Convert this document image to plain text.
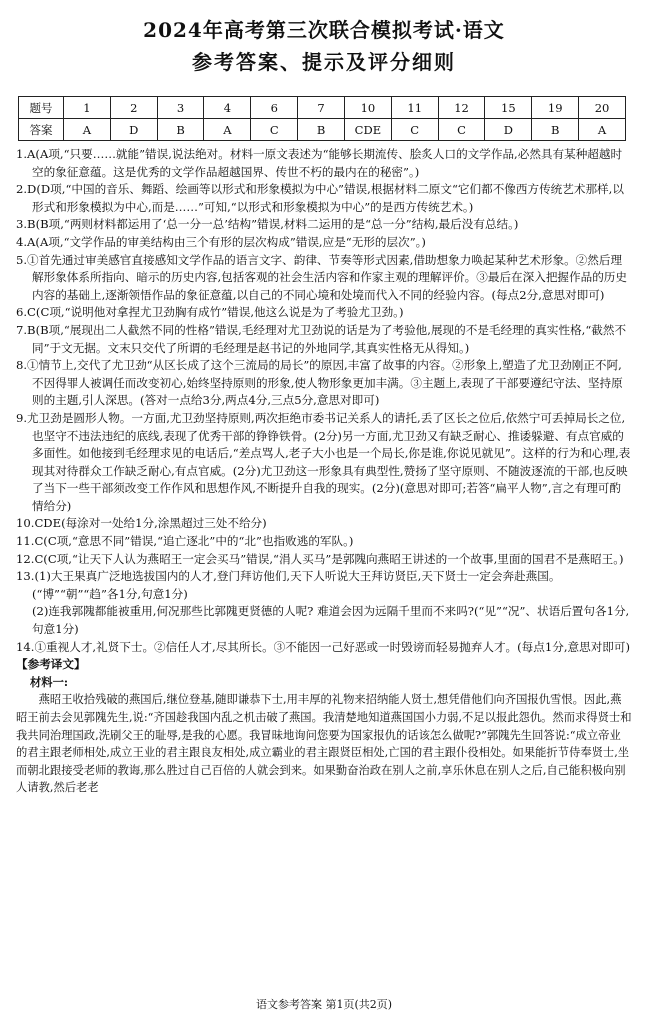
2024年高考第三次联合模拟考试·语文
参考答案、提示及评分细则
题号	1	2	3	4	6	7	10	11	12	15	19	20
答案	A	D	B	A	C	B	CDE	C	C	D	B	A

1.A(A项,“只要……就能”错误,说法绝对。材料一原文表述为“能够长期流传、脍炙人口的文学作品,必然具有某种超越时空的象征意蕴。这是优秀的文学作品超越国界、传世不朽的最内在的秘密”。)

2.D(D项,“中国的音乐、舞蹈、绘画等以形式和形象模拟为中心”错误,根据材料二原文“它们都不像西方传统艺术那样,以形式和形象模拟为中心,而是……”可知,“以形式和形象模拟为中心”的是西方传统艺术。)

3.B(B项,“两则材料都运用了‘总一分一总’结构”错误,材料二运用的是“总一分”结构,最后没有总结。)

4.A(A项,“文学作品的审美结构由三个有形的层次构成”错误,应是“无形的层次”。)

5.①首先通过审美感官直接感知文学作品的语言文字、韵律、节奏等形式因素,借助想象力唤起某种艺术形象。②然后理解形象体系所指向、暗示的历史内容,包括客观的社会生活内容和作家主观的理解评价。③最后在深入把握作品的历史内容的基础上,逐渐领悟作品的象征意蕴,以自己的不同心境和处境而代入不同的经验内容。(每点2分,意思对即可)

6.C(C项,“说明他对拿捏尤卫劲胸有成竹”错误,他这么说是为了考验尤卫劲。)

7.B(B项,“展现出二人截然不同的性格”错误,毛经理对尤卫劲说的话是为了考验他,展现的不是毛经理的真实性格,“截然不同”于文无据。文末只交代了所谓的毛经理是赵书记的外地同学,其真实性格无从得知。)

8.①情节上,交代了尤卫劲“从区长成了这个三流局的局长”的原因,丰富了故事的内容。②形象上,塑造了尤卫劲刚正不阿,不因得罪人被调任而改变初心,始终坚持原则的形象,使人物形象更加丰满。③主题上,表现了干部要遵纪守法、坚持原则的主题,引人深思。(答对一点给3分,两点4分,三点5分,意思对即可)

9.尤卫劲是圆形人物。一方面,尤卫劲坚持原则,两次拒绝市委书记关系人的请托,丢了区长之位后,依然宁可丢掉局长之位,也坚守不违法违纪的底线,表现了优秀干部的铮铮铁骨。(2分)另一方面,尤卫劲又有缺乏耐心、推诿躲避、有点官威的多面性。如他接到毛经理求见的电话后,“差点骂人,老子大小也是一个局长,你是谁,你说见就见”。这样的行为和心理,表现其对待群众工作缺乏耐心,有点官威。(2分)尤卫劲这一形象具有典型性,赞扬了坚守原则、不随波逐流的干部,也反映了当下一些干部须改变工作作风和思想作风,不断提升自我的现实。(2分)(意思对即可;若答“扁平人物”,言之有理可酌情给分)

10.CDE(每涂对一处给1分,涂黑超过三处不给分)

11.C(C项,“意思不同”错误,“追亡逐北”中的“北”也指败逃的军队。)

12.C(C项,“让天下人认为燕昭王一定会买马”错误,“涓人买马”是郭隗向燕昭王讲述的一个故事,里面的国君不是燕昭王。)

13.(1)大王果真广泛地选拔国内的人才,登门拜访他们,天下人听说大王拜访贤臣,天下贤士一定会奔赴燕国。(“博”“朝”“趋”各1分,句意1分)
(2)连我郭隗都能被重用,何况那些比郭隗更贤德的人呢? 难道会因为远隔千里而不来吗?(“见”“况”、状语后置句各1分,句意1分)

14.①重视人才,礼贤下士。②信任人才,尽其所长。③不能因一己好恶或一时毁谤而轻易抛弃人才。(每点1分,意思对即可)

【参考译文】

材料一:

燕昭王收拾残破的燕国后,继位登基,随即谦恭下士,用丰厚的礼物来招纳能人贤士,想凭借他们向齐国报仇雪恨。因此,燕昭王前去会见郭隗先生,说:“齐国趁我国内乱之机击破了燕国。我清楚地知道燕国国小力弱,不足以报此怨仇。然而求得贤士和我共同治理国政,洗刷父王的耻辱,是我的心愿。我冒昧地询问您要为国家报仇的话该怎么做呢?”郭隗先生回答说:“成立帝业的君主跟老师相处,成立王业的君主跟良友相处,成立霸业的君主跟贤臣相处,亡国的君主跟仆役相处。如果能折节侍奉贤士,坐而朝北跟接受老师的教诲,那么胜过自己百倍的人就会到来。如果勤奋治政在别人之前,享乐休息在别人之后,自己能积极向别人请教,然后老老

语文参考答案 第1页(共2页)
